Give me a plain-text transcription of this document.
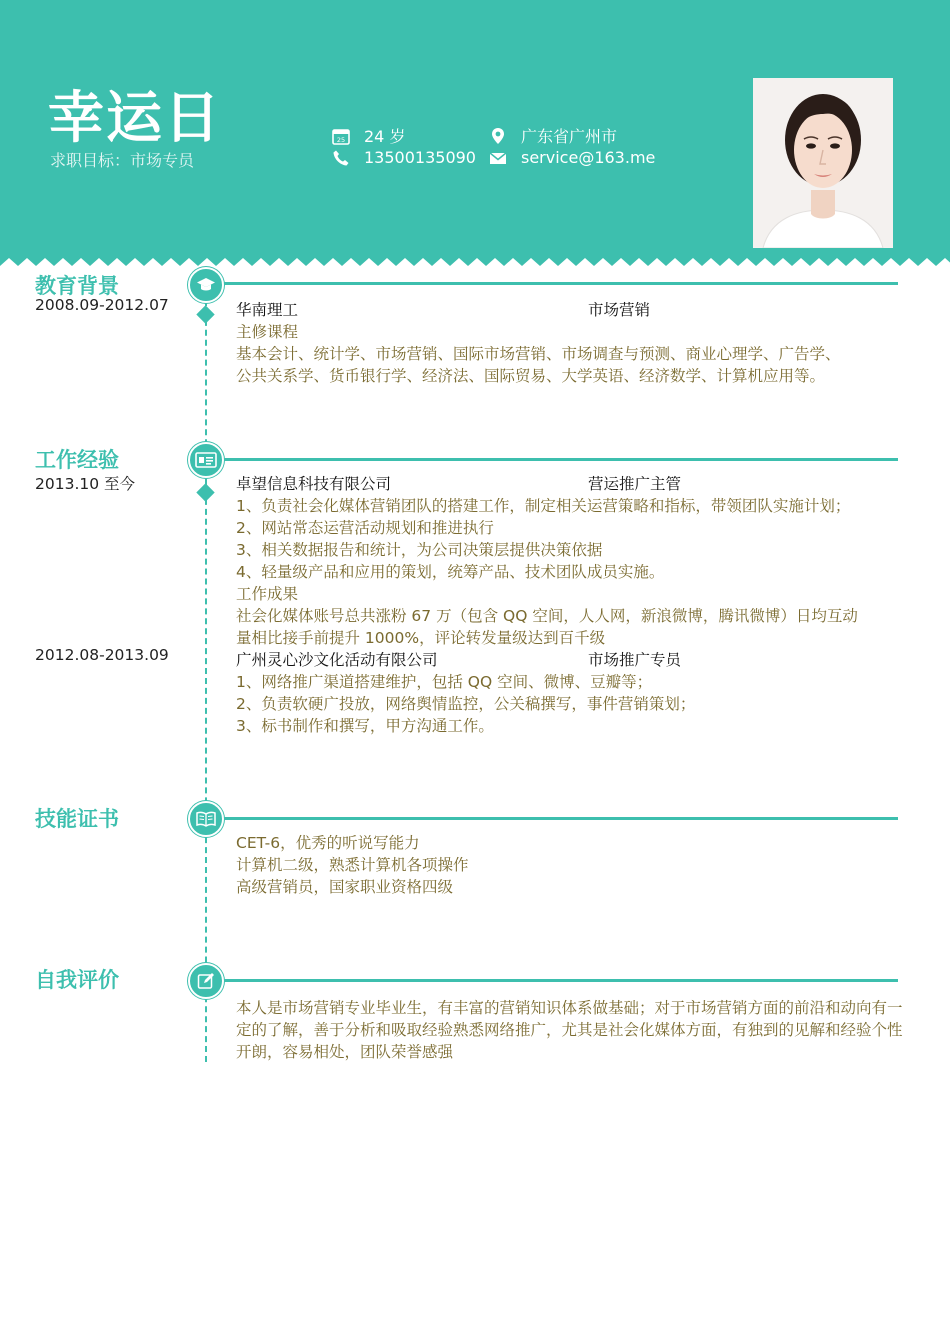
幸运日
求职目标：市场专员
25 24 岁
13500135090
广东省广州市
service@163.me
教育背景
2008.09-2012.07	华南理工	市场营销
主修课程
基本会计、统计学、市场营销、国际市场营销、市场调查与预测、商业心理学、广告学、
公共关系学、货币银行学、经济法、国际贸易、大学英语、经济数学、计算机应用等。
工作经验
2013.10 至今	卓望信息科技有限公司	营运推广主管
1、负责社会化媒体营销团队的搭建工作，制定相关运营策略和指标，带领团队实施计划；
2、网站常态运营活动规划和推进执行
3、相关数据报告和统计，为公司决策层提供决策依据
4、轻量级产品和应用的策划，统筹产品、技术团队成员实施。
工作成果
社会化媒体账号总共涨粉 67 万（包含 QQ 空间，人人网，新浪微博，腾讯微博）日均互动
量相比接手前提升 1000%，评论转发量级达到百千级
2012.08-2013.09	广州灵心沙文化活动有限公司	市场推广专员
1、网络推广渠道搭建维护，包括 QQ 空间、微博、豆瓣等；
2、负责软硬广投放，网络舆情监控，公关稿撰写，事件营销策划；
3、标书制作和撰写，甲方沟通工作。
技能证书
CET-6，优秀的听说写能力
计算机二级，熟悉计算机各项操作
高级营销员，国家职业资格四级
自我评价
本人是市场营销专业毕业生，有丰富的营销知识体系做基础；对于市场营销方面的前沿和动向有一定的了解，善于分析和吸取经验熟悉网络推广，尤其是社会化媒体方面，有独到的见解和经验个性开朗，容易相处，团队荣誉感强
